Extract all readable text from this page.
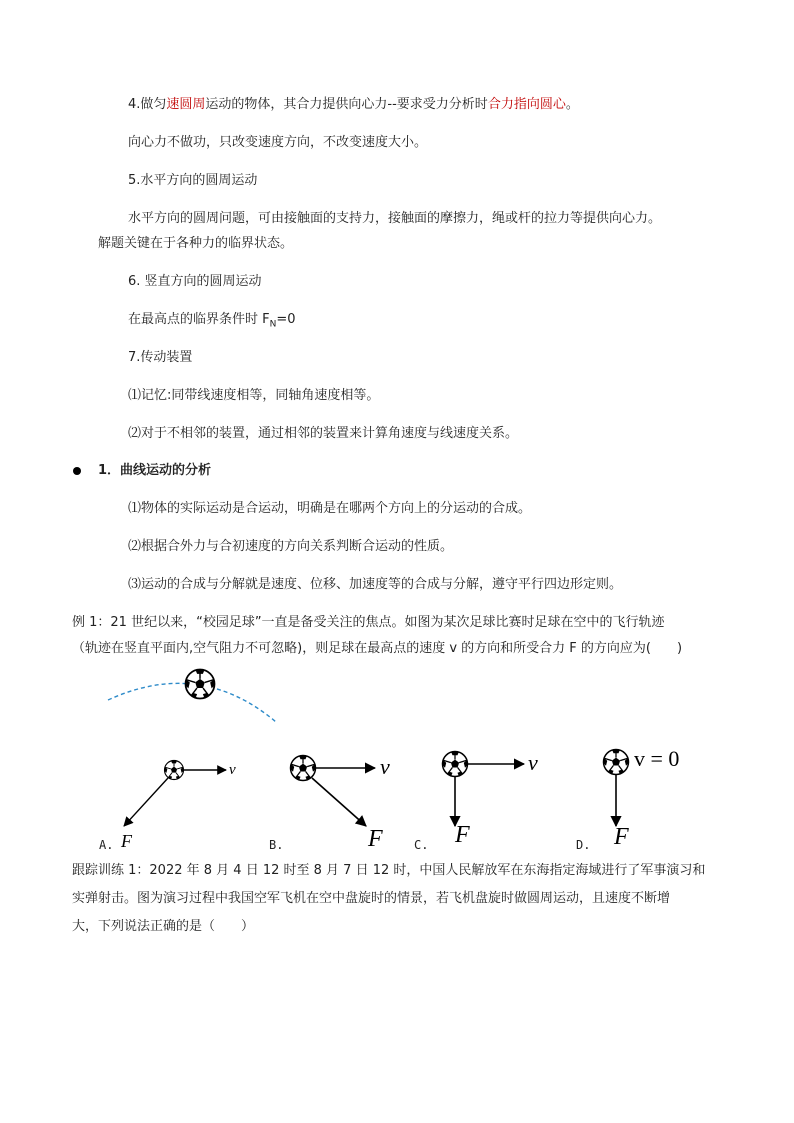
4.做匀速圆周运动的物体，其合力提供向心力--要求受力分析时合力指向圆心。
向心力不做功，只改变速度方向，不改变速度大小。
5.水平方向的圆周运动
水平方向的圆周问题，可由接触面的支持力，接触面的摩擦力，绳或杆的拉力等提供向心力。
解题关键在于各种力的临界状态。
6. 竖直方向的圆周运动
在最高点的临界条件时 $F_N=0$
7.传动装置
⑴记忆:同带线速度相等，同轴角速度相等。
⑵对于不相邻的装置，通过相邻的装置来计算角速度与线速度关系。
1．曲线运动的分析
⑴物体的实际运动是合运动，明确是在哪两个方向上的分运动的合成。
⑵根据合外力与合初速度的方向关系判断合运动的性质。
⑶运动的合成与分解就是速度、位移、加速度等的合成与分解，遵守平行四边形定则。
例 1：21 世纪以来，“校园足球”一直是备受关注的焦点。如图为某次足球比赛时足球在空中的飞行轨迹
（轨迹在竖直平面内,空气阻力不可忽略)，则足球在最高点的速度 v 的方向和所受合力 F 的方向应为(　　)
v
F
v
F
v
F
v = 0
F
A.	B.	C.	D.
跟踪训练 1：2022 年 8 月 4 日 12 时至 8 月 7 日 12 时，中国人民解放军在东海指定海域进行了军事演习和
实弹射击。图为演习过程中我国空军飞机在空中盘旋时的情景，若飞机盘旋时做圆周运动，且速度不断增
大，下列说法正确的是（　　）
